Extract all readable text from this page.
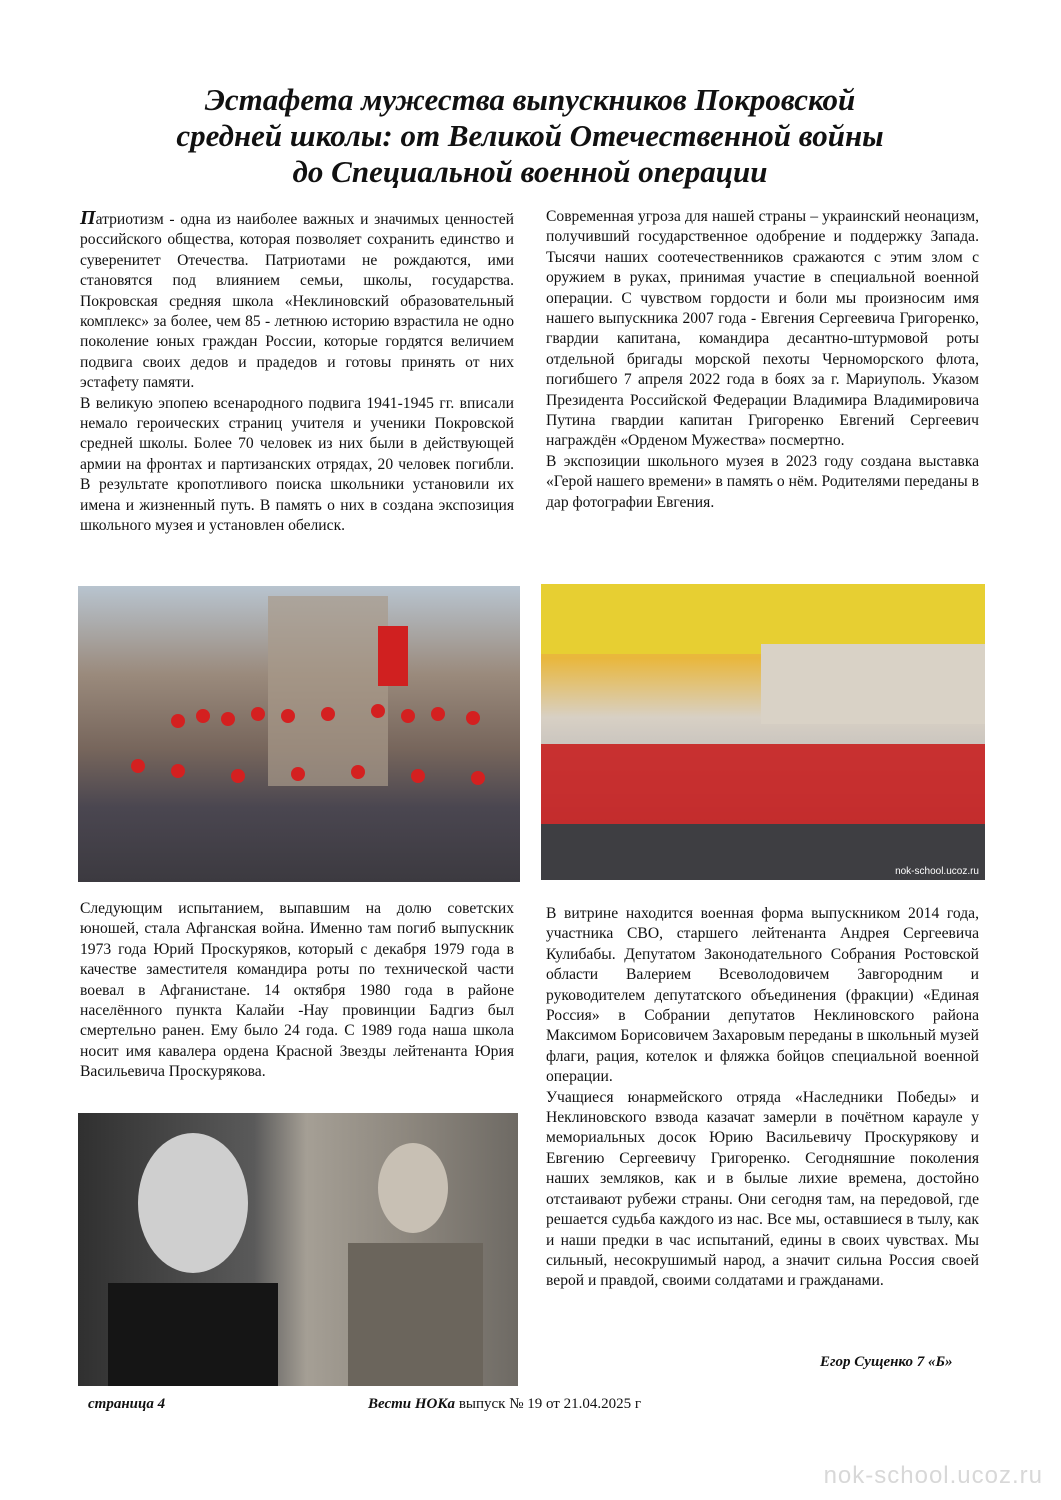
Эстафета мужества выпускников Покровской
средней школы: от Великой Отечественной войны
до Специальной военной операции

Патриотизм - одна из наиболее важных и значимых ценностей российского общества, которая позволяет сохранить единство и суверенитет Отечества. Патриотами не рождаются, ими становятся под влиянием семьи, школы, государства. Покровская средняя школа «Неклиновский образовательный комплекс» за более, чем 85 - летнюю историю взрастила не одно поколение юных граждан России, которые гордятся величием подвига своих дедов и прадедов и готовы принять от них эстафету памяти.

В великую эпопею всенародного подвига 1941-1945 гг. вписали немало героических страниц учителя и ученики Покровской средней школы. Более 70 человек из них были в действующей армии на фронтах и партизанских отрядах, 20 человек погибли. В результате кропотливого поиска школьники установили их имена и жизненный путь. В память о них в создана экспозиция школьного музея и установлен обелиск.

Современная угроза для нашей страны – украинский неонацизм, получивший государственное одобрение и поддержку Запада. Тысячи наших соотечественников сражаются с этим злом с оружием в руках, принимая участие в специальной военной операции. С чувством гордости и боли мы произносим имя нашего выпускника 2007 года - Евгения Сергеевича Григоренко, гвардии капитана, командира десантно-штурмовой роты отдельной бригады морской пехоты Черноморского флота, погибшего 7 апреля 2022 года в боях за г. Мариуполь. Указом Президента Российской Федерации Владимира Владимировича Путина гвардии капитан Григоренко Евгений Сергеевич награждён «Орденом Мужества» посмертно.

В экспозиции школьного музея в 2023 году создана выставка «Герой нашего времени» в память о нём. Родителями переданы в дар фотографии Евгения.

nok-school.ucoz.ru

Следующим испытанием, выпавшим на долю советских юношей, стала Афганская война. Именно там погиб выпускник 1973 года Юрий Проскуряков, который с декабря 1979 года в качестве заместителя командира роты по технической части воевал в Афганистане. 14 октября 1980 года в районе населённого пункта Калайи -Нау провинции Бадгиз был смертельно ранен. Ему было 24 года. С 1989 года наша школа носит имя кавалера ордена Красной Звезды лейтенанта Юрия Васильевича Проскурякова.

В витрине находится военная форма выпускником 2014 года, участника СВО, старшего лейтенанта Андрея Сергеевича Кулибабы. Депутатом Законодательного Собрания Ростовской области Валерием Всеволодовичем Завгородним и руководителем депутатского объединения (фракции) «Единая Россия» в Собрании депутатов Неклиновского района Максимом Борисовичем Захаровым переданы в школьный музей флаги, рация, котелок и фляжка бойцов специальной военной операции.

Учащиеся юнармейского отряда «Наследники Победы» и Неклиновского взвода казачат замерли в почётном карауле у мемориальных досок Юрию Васильевичу Проскурякову и Евгению Сергеевичу Григоренко. Сегодняшние поколения наших земляков, как и в былые лихие времена, достойно отстаивают рубежи страны. Они сегодня там, на передовой, где решается судьба каждого из нас. Все мы, оставшиеся в тылу, как и наши предки в час испытаний, едины в своих чувствах. Мы сильный, несокрушимый народ, а значит сильна Россия своей верой и правдой, своими солдатами и гражданами.

Егор Сущенко 7 «Б»
страница 4	Вести НОКа выпуск № 19 от 21.04.2025 г
nok-school.ucoz.ru
